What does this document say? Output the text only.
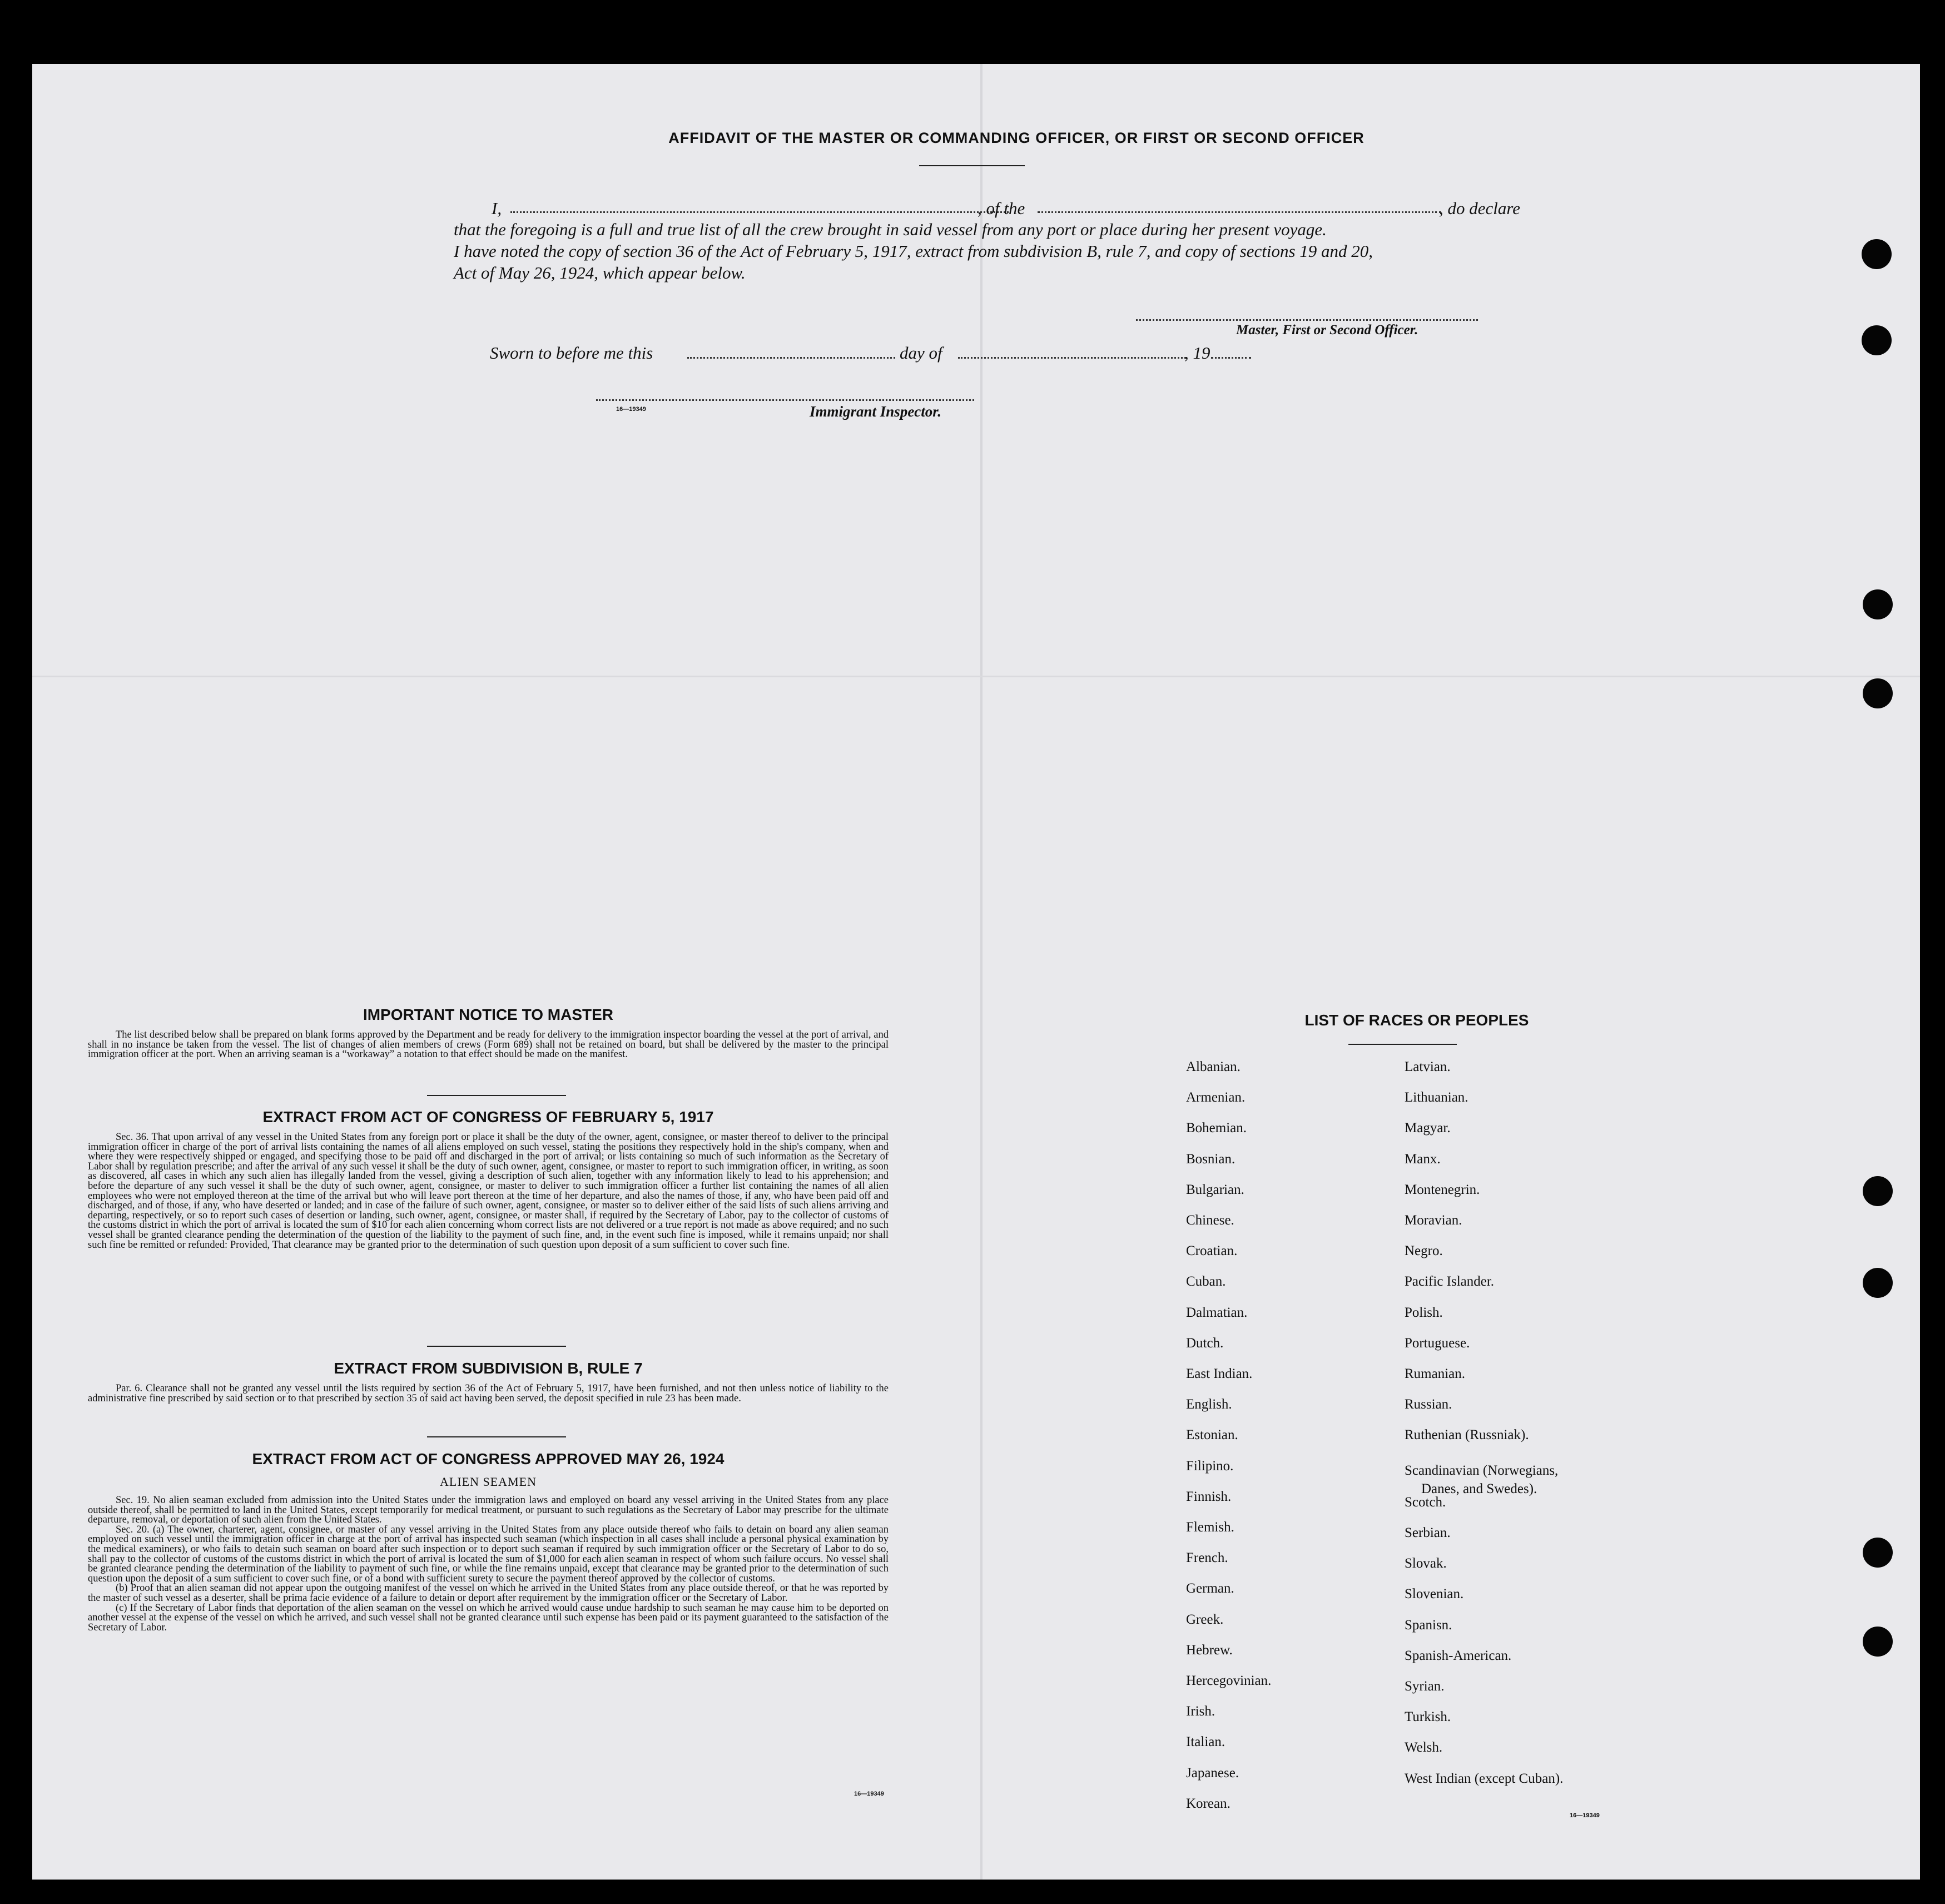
AFFIDAVIT OF THE MASTER OR COMMANDING OFFICER, OR FIRST OR SECOND OFFICER
I,	, of the	, do declare
that the foregoing is a full and true list of all the crew brought in said vessel from any port or place during her present voyage.
I have noted the copy of section 36 of the Act of February 5, 1917, extract from subdivision B, rule 7, and copy of sections 19 and 20,
Act of May 26, 1924, which appear below.
Master, First or Second Officer.
Sworn to before me this	day of	, 19
16—19349	Immigrant Inspector.
IMPORTANT NOTICE TO MASTER

The list described below shall be prepared on blank forms approved by the Department and be ready for delivery to the immigration inspector boarding the vessel at the port of arrival, and shall in no instance be taken from the vessel. The list of changes of alien members of crews (Form 689) shall not be retained on board, but shall be delivered by the master to the principal immigration officer at the port. When an arriving seaman is a “workaway” a notation to that effect should be made on the manifest.

EXTRACT FROM ACT OF CONGRESS OF FEBRUARY 5, 1917

Sec. 36. That upon arrival of any vessel in the United States from any foreign port or place it shall be the duty of the owner, agent, consignee, or master thereof to deliver to the principal immigration officer in charge of the port of arrival lists containing the names of all aliens employed on such vessel, stating the positions they respectively hold in the ship's company, when and where they were respectively shipped or engaged, and specifying those to be paid off and discharged in the port of arrival; or lists containing so much of such information as the Secretary of Labor shall by regulation prescribe; and after the arrival of any such vessel it shall be the duty of such owner, agent, consignee, or master to report to such immigration officer, in writing, as soon as discovered, all cases in which any such alien has illegally landed from the vessel, giving a description of such alien, together with any information likely to lead to his apprehension; and before the departure of any such vessel it shall be the duty of such owner, agent, consignee, or master to deliver to such immigration officer a further list containing the names of all alien employees who were not employed thereon at the time of the arrival but who will leave port thereon at the time of her departure, and also the names of those, if any, who have been paid off and discharged, and of those, if any, who have deserted or landed; and in case of the failure of such owner, agent, consignee, or master so to deliver either of the said lists of such aliens arriving and departing, respectively, or so to report such cases of desertion or landing, such owner, agent, consignee, or master shall, if required by the Secretary of Labor, pay to the collector of customs of the customs district in which the port of arrival is located the sum of $10 for each alien concerning whom correct lists are not delivered or a true report is not made as above required; and no such vessel shall be granted clearance pending the determination of the question of the liability to the payment of such fine, and, in the event such fine is imposed, while it remains unpaid; nor shall such fine be remitted or refunded: Provided, That clearance may be granted prior to the determination of such question upon deposit of a sum sufficient to cover such fine.

EXTRACT FROM SUBDIVISION B, RULE 7

Par. 6. Clearance shall not be granted any vessel until the lists required by section 36 of the Act of February 5, 1917, have been furnished, and not then unless notice of liability to the administrative fine prescribed by said section or to that prescribed by section 35 of said act having been served, the deposit specified in rule 23 has been made.

EXTRACT FROM ACT OF CONGRESS APPROVED MAY 26, 1924
ALIEN SEAMEN

Sec. 19. No alien seaman excluded from admission into the United States under the immigration laws and employed on board any vessel arriving in the United States from any place outside thereof, shall be permitted to land in the United States, except temporarily for medical treatment, or pursuant to such regulations as the Secretary of Labor may prescribe for the ultimate departure, removal, or deportation of such alien from the United States.

Sec. 20. (a) The owner, charterer, agent, consignee, or master of any vessel arriving in the United States from any place outside thereof who fails to detain on board any alien seaman employed on such vessel until the immigration officer in charge at the port of arrival has inspected such seaman (which inspection in all cases shall include a personal physical examination by the medical examiners), or who fails to detain such seaman on board after such inspection or to deport such seaman if required by such immigration officer or the Secretary of Labor to do so, shall pay to the collector of customs of the customs district in which the port of arrival is located the sum of $1,000 for each alien seaman in respect of whom such failure occurs. No vessel shall be granted clearance pending the determination of the liability to payment of such fine, or while the fine remains unpaid, except that clearance may be granted prior to the determination of such question upon the deposit of a sum sufficient to cover such fine, or of a bond with sufficient surety to secure the payment thereof approved by the collector of customs.

(b) Proof that an alien seaman did not appear upon the outgoing manifest of the vessel on which he arrived in the United States from any place outside thereof, or that he was reported by the master of such vessel as a deserter, shall be prima facie evidence of a failure to detain or deport after requirement by the immigration officer or the Secretary of Labor.

(c) If the Secretary of Labor finds that deportation of the alien seaman on the vessel on which he arrived would cause undue hardship to such seaman he may cause him to be deported on another vessel at the expense of the vessel on which he arrived, and such vessel shall not be granted clearance until such expense has been paid or its payment guaranteed to the satisfaction of the Secretary of Labor.

16—19349
LIST OF RACES OR PEOPLES
Albanian.
Armenian.
Bohemian.
Bosnian.
Bulgarian.
Chinese.
Croatian.
Cuban.
Dalmatian.
Dutch.
East Indian.
English.
Estonian.
Filipino.
Finnish.
Flemish.
French.
German.
Greek.
Hebrew.
Hercegovinian.
Irish.
Italian.
Japanese.
Korean.
Latvian.
Lithuanian.
Magyar.
Manx.
Montenegrin.
Moravian.
Negro.
Pacific Islander.
Polish.
Portuguese.
Rumanian.
Russian.
Ruthenian (Russniak).
Scandinavian (Norwegians,
Danes, and Swedes).
Scotch.
Serbian.
Slovak.
Slovenian.
Spanisn.
Spanish-American.
Syrian.
Turkish.
Welsh.
West Indian (except Cuban).
16—19349
